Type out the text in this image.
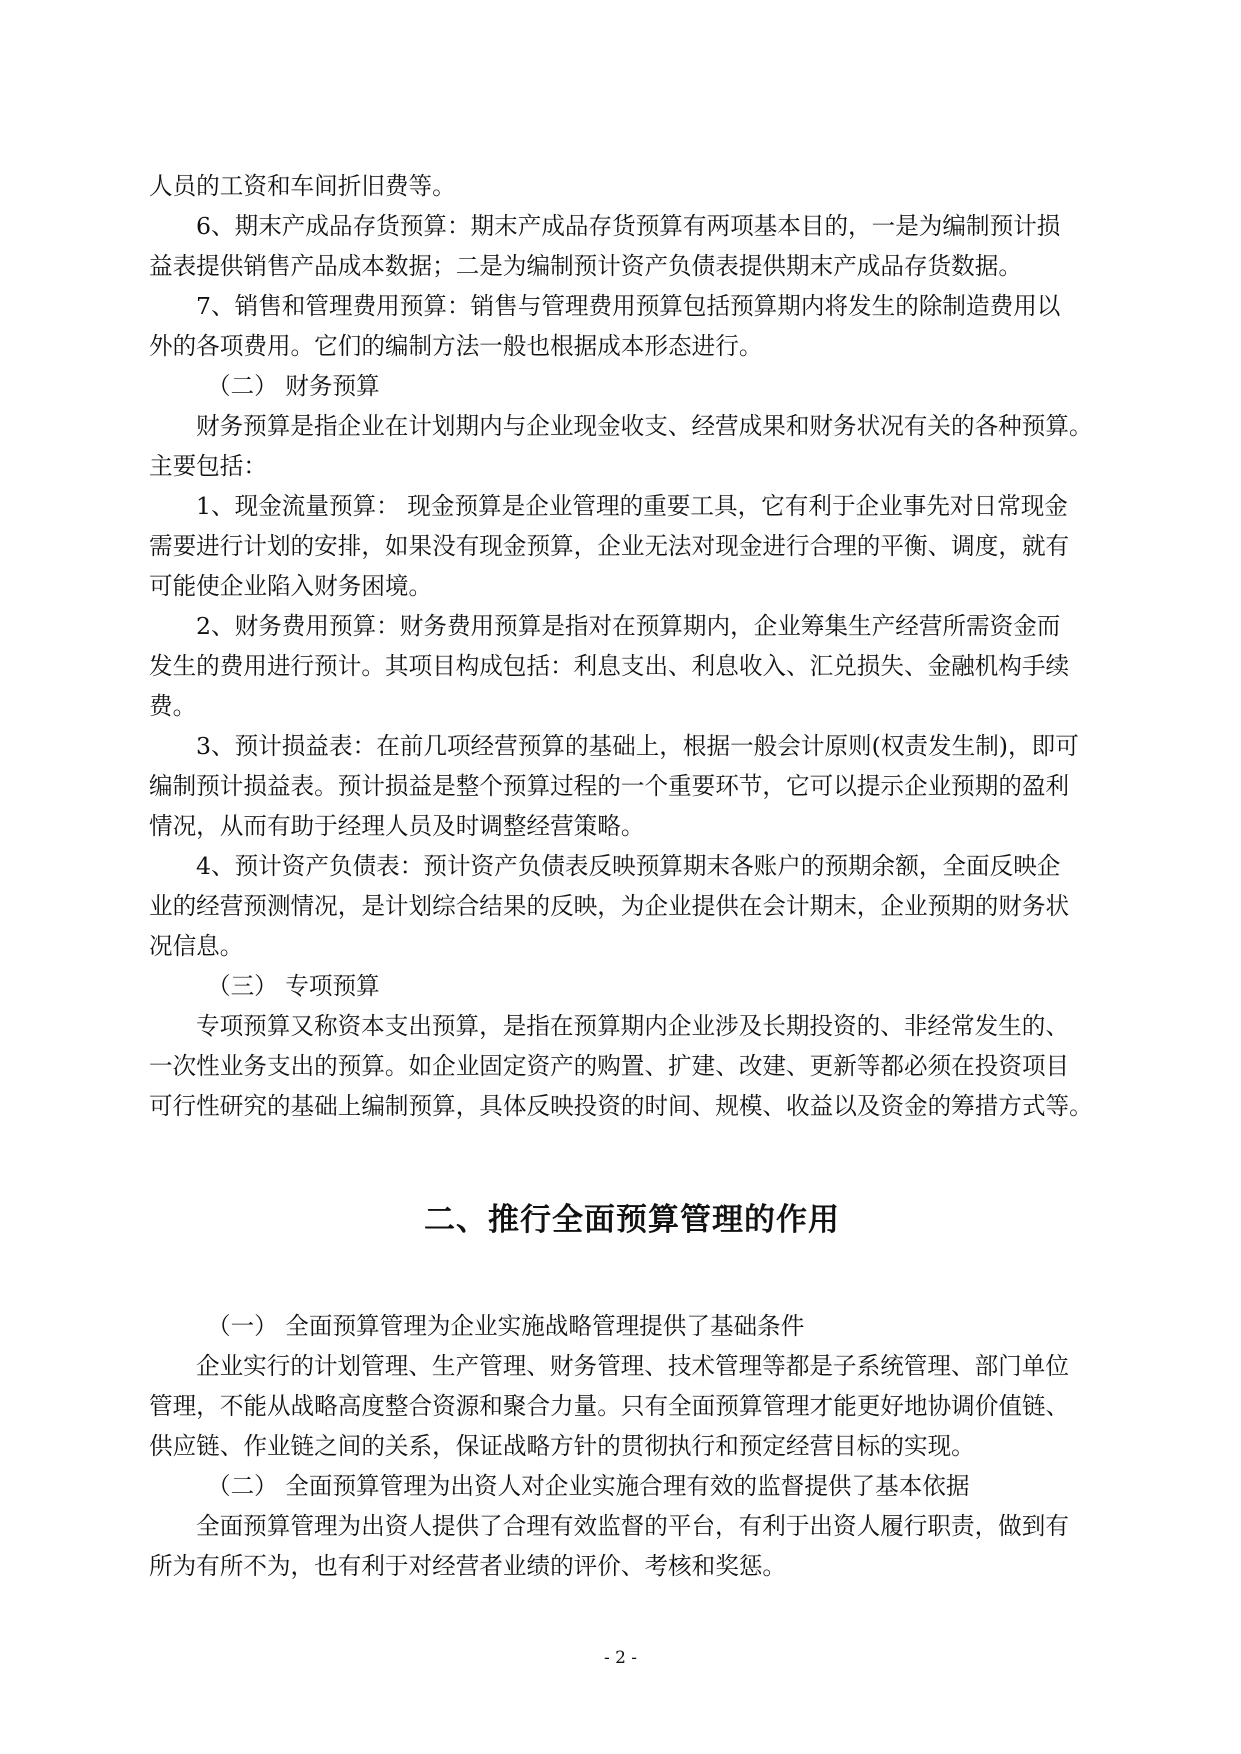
人员的工资和车间折旧费等。

6、期末产成品存货预算：期末产成品存货预算有两项基本目的，一是为编制预计损

益表提供销售产品成本数据；二是为编制预计资产负债表提供期末产成品存货数据。

7、销售和管理费用预算：销售与管理费用预算包括预算期内将发生的除制造费用以

外的各项费用。它们的编制方法一般也根据成本形态进行。

（二） 财务预算

财务预算是指企业在计划期内与企业现金收支、经营成果和财务状况有关的各种预算。

主要包括：

1、现金流量预算： 现金预算是企业管理的重要工具，它有利于企业事先对日常现金

需要进行计划的安排，如果没有现金预算，企业无法对现金进行合理的平衡、调度，就有

可能使企业陷入财务困境。

2、财务费用预算：财务费用预算是指对在预算期内，企业筹集生产经营所需资金而

发生的费用进行预计。其项目构成包括：利息支出、利息收入、汇兑损失、金融机构手续

费。

3、预计损益表：在前几项经营预算的基础上，根据一般会计原则(权责发生制)，即可

编制预计损益表。预计损益是整个预算过程的一个重要环节，它可以提示企业预期的盈利

情况，从而有助于经理人员及时调整经营策略。

4、预计资产负债表：预计资产负债表反映预算期末各账户的预期余额，全面反映企

业的经营预测情况，是计划综合结果的反映，为企业提供在会计期末，企业预期的财务状

况信息。

（三） 专项预算

专项预算又称资本支出预算，是指在预算期内企业涉及长期投资的、非经常发生的、

一次性业务支出的预算。如企业固定资产的购置、扩建、改建、更新等都必须在投资项目

可行性研究的基础上编制预算，具体反映投资的时间、规模、收益以及资金的筹措方式等。

二、推行全面预算管理的作用

（一） 全面预算管理为企业实施战略管理提供了基础条件

企业实行的计划管理、生产管理、财务管理、技术管理等都是子系统管理、部门单位

管理，不能从战略高度整合资源和聚合力量。只有全面预算管理才能更好地协调价值链、

供应链、作业链之间的关系，保证战略方针的贯彻执行和预定经营目标的实现。

（二） 全面预算管理为出资人对企业实施合理有效的监督提供了基本依据

全面预算管理为出资人提供了合理有效监督的平台，有利于出资人履行职责，做到有

所为有所不为，也有利于对经营者业绩的评价、考核和奖惩。

- 2 -
